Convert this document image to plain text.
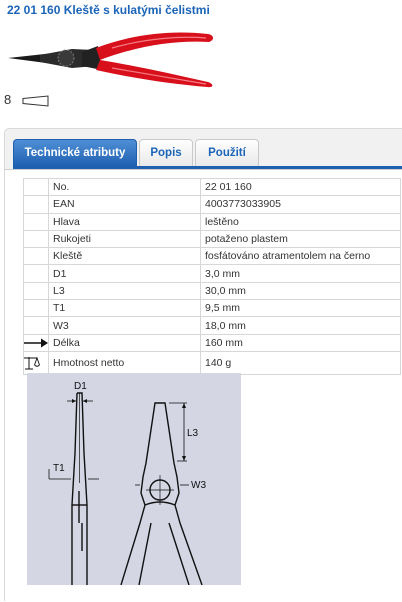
22 01 160 Kleště s kulatými čelistmi
8
Technické atributy	Popis	Použití
	No.	22 01 160
	EAN	4003773033905
	Hlava	leštěno
	Rukojeti	potaženo plastem
	Kleště	fosfátováno atramentolem na černo
	D1	3,0 mm
	L3	30,0 mm
	T1	9,5 mm
	W3	18,0 mm

	Délka	160 mm

	Hmotnost netto	140 g
D1
T1
L3
W3
